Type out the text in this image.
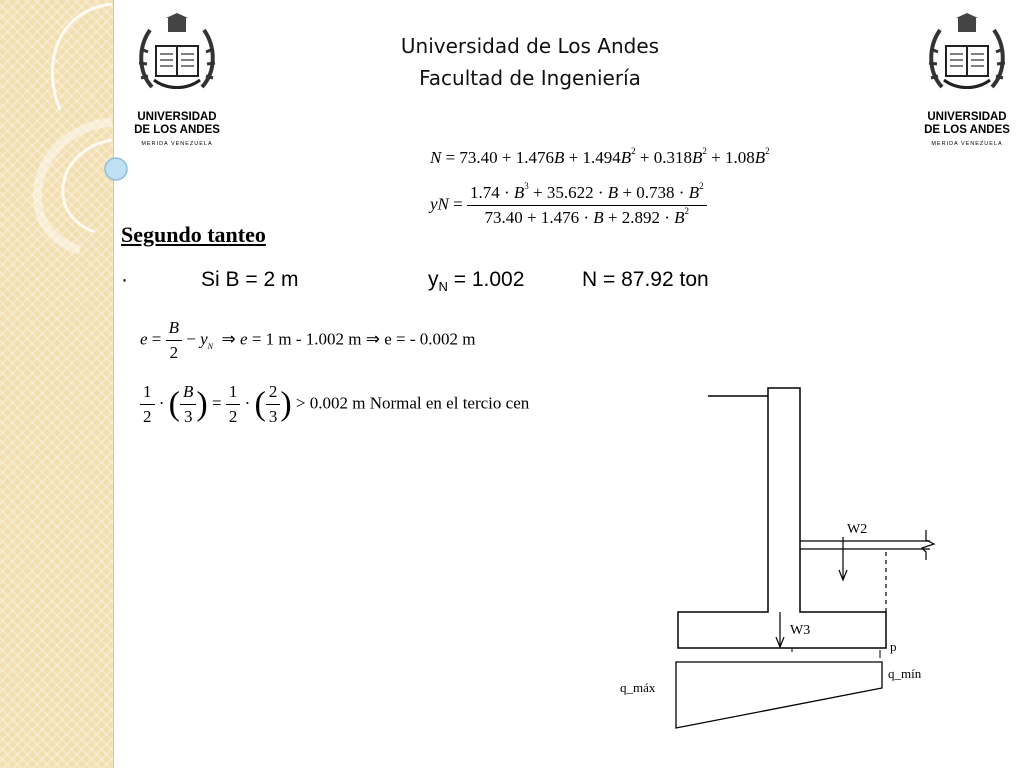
UNIVERSIDAD
DE LOS ANDES
MERIDA VENEZUELA
UNIVERSIDAD
DE LOS ANDES
MERIDA VENEZUELA
Universidad de Los Andes
Facultad de Ingeniería
$N = 73.40 + 1.476B + 1.494B^2 + 0.318B^2 + 1.08B^2$
yN = $\frac{1.74 \cdot B^3 + 35.622 \cdot B + 0.738 \cdot B^2}{73.40 + 1.476 \cdot B + 2.892 \cdot B^2}$
Segundo tanteo
·	Si B = 2 m	$y_N = 1.002$	N = 87.92 ton
$e = \frac{B}{2} - y_N$  ⇒ e = 1 m - 1.002 m ⇒ e = - 0.002 m
$\frac{1}{2}$ · ( $\frac{B}{3}$ ) = $\frac{1}{2}$ · ( $\frac{2}{3}$ ) > 0.002 m Normal en el tercio cen
W2
W3
p
q_máx
q_mín
